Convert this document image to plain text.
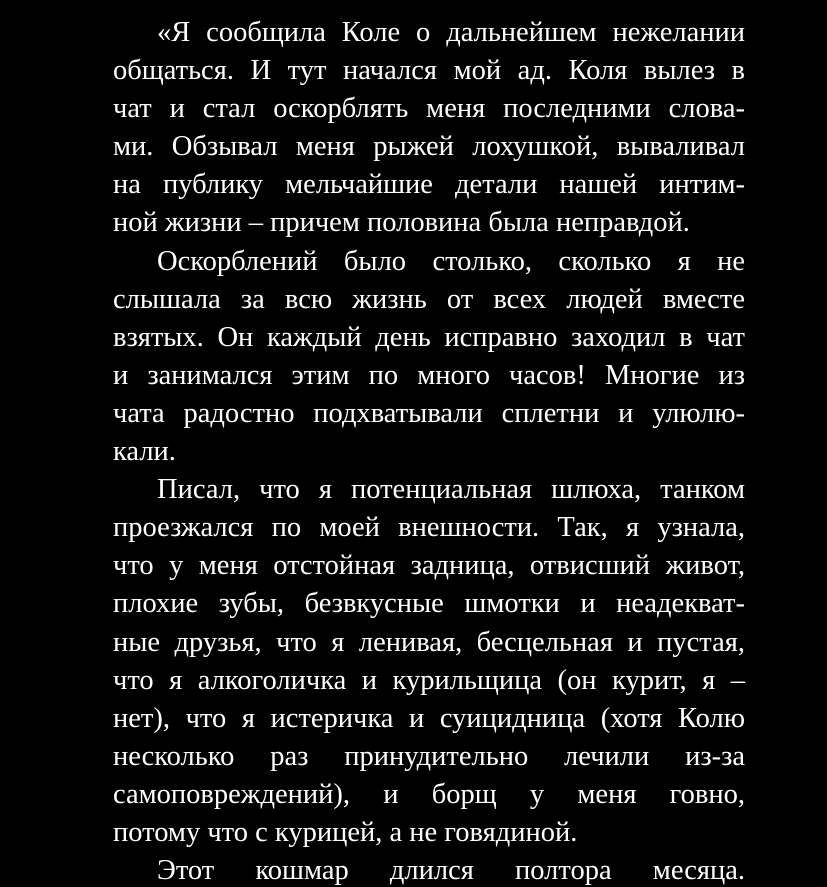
«Я сообщила Коле о дальнейшем нежелании
общаться. И тут начался мой ад. Коля вылез в
чат и стал оскорблять меня последними слова-
ми. Обзывал меня рыжей лохушкой, вываливал
на публику мельчайшие детали нашей интим-
ной жизни – причем половина была неправдой.
Оскорблений было столько, сколько я не
слышала за всю жизнь от всех людей вместе
взятых. Он каждый день исправно заходил в чат
и занимался этим по много часов! Многие из
чата радостно подхватывали сплетни и улюлю-
кали.
Писал, что я потенциальная шлюха, танком
проезжался по моей внешности. Так, я узнала,
что у меня отстойная задница, отвисший живот,
плохие зубы, безвкусные шмотки и неадекват-
ные друзья, что я ленивая, бесцельная и пустая,
что я алкоголичка и курильщица (он курит, я –
нет), что я истеричка и суицидница (хотя Колю
несколько раз принудительно лечили из-за
самоповреждений), и борщ у меня говно,
потому что с курицей, а не говядиной.
Этот кошмар длился полтора месяца.
